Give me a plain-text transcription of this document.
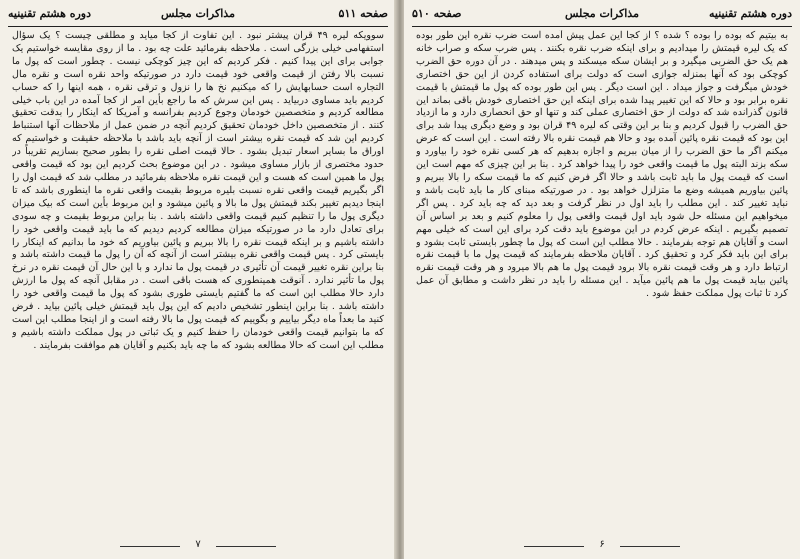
صفحه ۵۱۱
مذاکرات مجلس
دوره هشتم تقنینیه

سوویکه لیره ۴۹ قران پیشتر نبود . این تفاوت از کجا میاید و مطلقی چیست ؟ یک سؤال استفهامی خیلی بزرگی است . ملاحظه بفرمائید علت چه بود . ما از روی مقایسه خواستیم یک جوابی برای این پیدا کنیم . فکر کردیم که این چیز کوچکی نیست . چطور است که پول ما نسبت بالا رفتن از قیمت واقعی خود قیمت دارد در صورتیکه واحد نقره است و نقره مال التجاره است حسابهایش را که میکنیم نخ ها را نزول و ترقی نقره ، همه اینها را که حساب کردیم باید مساوی دربیاید . پس این سرش که ما راجع بأین امر از کجا آمده در این باب خیلی مطالعه کردیم و متخصصین خودمان وجوع کردیم بفرانسه و آمریکا که اینکار را بدقت تحقیق کنند . از متخصصین داخل خودمان تحقیق کردیم آنچه در ضمن عمل از ملاحظات آنها استنباط کردیم این شد که قیمت نقره بیشتر است از آنچه باید باشد با ملاحظه حقیقت و خواستیم که اوراق ما بسایر اسعار تبدیل بشود . حالا قیمت اصلی نقره را بطور صحیح بسازیم تقریباً در حدود مختصری از بازار مساوی میشود . در این موضوع بحث کردیم این بود که قیمت واقعی پول ما همین است که هست و این قیمت نقره ملاحظه بفرمائید در مطلب شد که قیمت اول را اگر بگیریم قیمت واقعی نقره نسبت بلیره مربوط بقیمت واقعی نقره ما اینطوری باشد که تا اینجا دیدیم تغییر بکند قیمتش پول ما بالا و پائین میشود و این مربوط بأین است که بیک میزان دیگری پول ما را تنظیم کنیم قیمت واقعی داشته باشد . بنا براین مربوط بقیمت و چه سودی برای تعادل دارد ما در صورتیکه میزان مطالعه کردیم دیدیم که ما باید قیمت واقعی خود را داشته باشیم و بر اینکه قیمت نقره را بالا ببریم و پائین بیاوریم که خود ما بدانیم که اینکار را بایستی کرد . پس قیمت واقعی نقره بیشتر است از آنچه که آن را پول ما قیمت داشته باشد و بنا براین نقره تغییر قیمت آن تأثیری در قیمت پول ما ندارد و با این حال آن قیمت نقره در نرخ پول ما تأثیر ندارد . آنوقت همینطوری که هست باقی است . در مقابل آنچه که پول ما ارزش دارد حالا مطلب این است که ما گفتیم بایستی طوری بشود که پول ما قیمت واقعی خود را داشته باشد . بنا براین اینطور تشخیص دادیم که این پول باید قیمتش خیلی پائین بیاید . فرض کنید ما بعداً ماه دیگر بیاییم و بگوییم که قیمت پول ما بالا رفته است و از اینجا مطلب این است که ما بتوانیم قیمت واقعی خودمان را حفظ کنیم و یک ثباتی در پول مملکت داشته باشیم و مطلب این است که حالا مطالعه بشود که ما چه باید بکنیم و آقایان هم موافقت بفرمایند .

۷
دوره هشتم تقنینیه
مذاکرات مجلس
صفحه ۵۱۰

به بیتیم که بوده را بوده ؟ شده ؟ از کجا این عمل پیش آمده است ضرب نقره این طور بوده که یک لیره قیمتش را میدادیم و برای اینکه ضرب نقره بکنند . پس ضرب سکه و صراب خانه هم یک حق الضربی میگیرد و بر ایشان سکه میسکند و پس میدهند . در آن دوره حق الضرب کوچکی بود که آنها بمنزله جوازی است که دولت برای استفاده کردن از این حق اختصاری خودش میگرفت و جواز میداد . این است دیگر . پس این طور بوده که پول ما قیمتش با قیمت نقره برابر بود و حالا که این تغییر پیدا شده برای اینکه این حق اختصاری خودش باقی بماند این قانون گذرانده شد که دولت از حق اختصاری عملی کند و تنها او حق انحصاری دارد و ما ازدیاد حق الضرب را قبول کردیم و بنا بر این وقتی که لیره ۴۹ قران بود و وضع دیگری پیدا شد برای این بود که قیمت نقره پائین آمده بود و حالا هم قیمت نقره بالا رفته است . این است که عرض میکنم اگر ما حق الضرب را از میان ببریم و اجازه بدهیم که هر کسی نقره خود را بیاورد و سکه بزند البته پول ما قیمت واقعی خود را پیدا خواهد کرد . بنا بر این چیزی که مهم است این است که قیمت پول ما باید ثابت باشد و حالا اگر فرض کنیم که ما قیمت سکه را بالا ببریم و پائین بیاوریم همیشه وضع ما متزلزل خواهد بود . در صورتیکه مبنای کار ما باید ثابت باشد و نباید تغییر کند . این مطلب را باید اول در نظر گرفت و بعد دید که چه باید کرد . پس اگر میخواهیم این مسئله حل شود باید اول قیمت واقعی پول را معلوم کنیم و بعد بر اساس آن تصمیم بگیریم . اینکه عرض کردم در این موضوع باید دقت کرد برای این است که خیلی مهم است و آقایان هم توجه بفرمایند . حالا مطلب این است که پول ما چطور بایستی ثابت بشود و برای این باید فکر کرد و تحقیق کرد . آقایان ملاحظه بفرمایند که قیمت پول ما با قیمت نقره ارتباط دارد و هر وقت قیمت نقره بالا برود قیمت پول ما هم بالا میرود و هر وقت قیمت نقره پائین بیاید قیمت پول ما هم پائین میآید . این مسئله را باید در نظر داشت و مطابق آن عمل کرد تا ثبات پول مملکت حفظ شود .

۶
